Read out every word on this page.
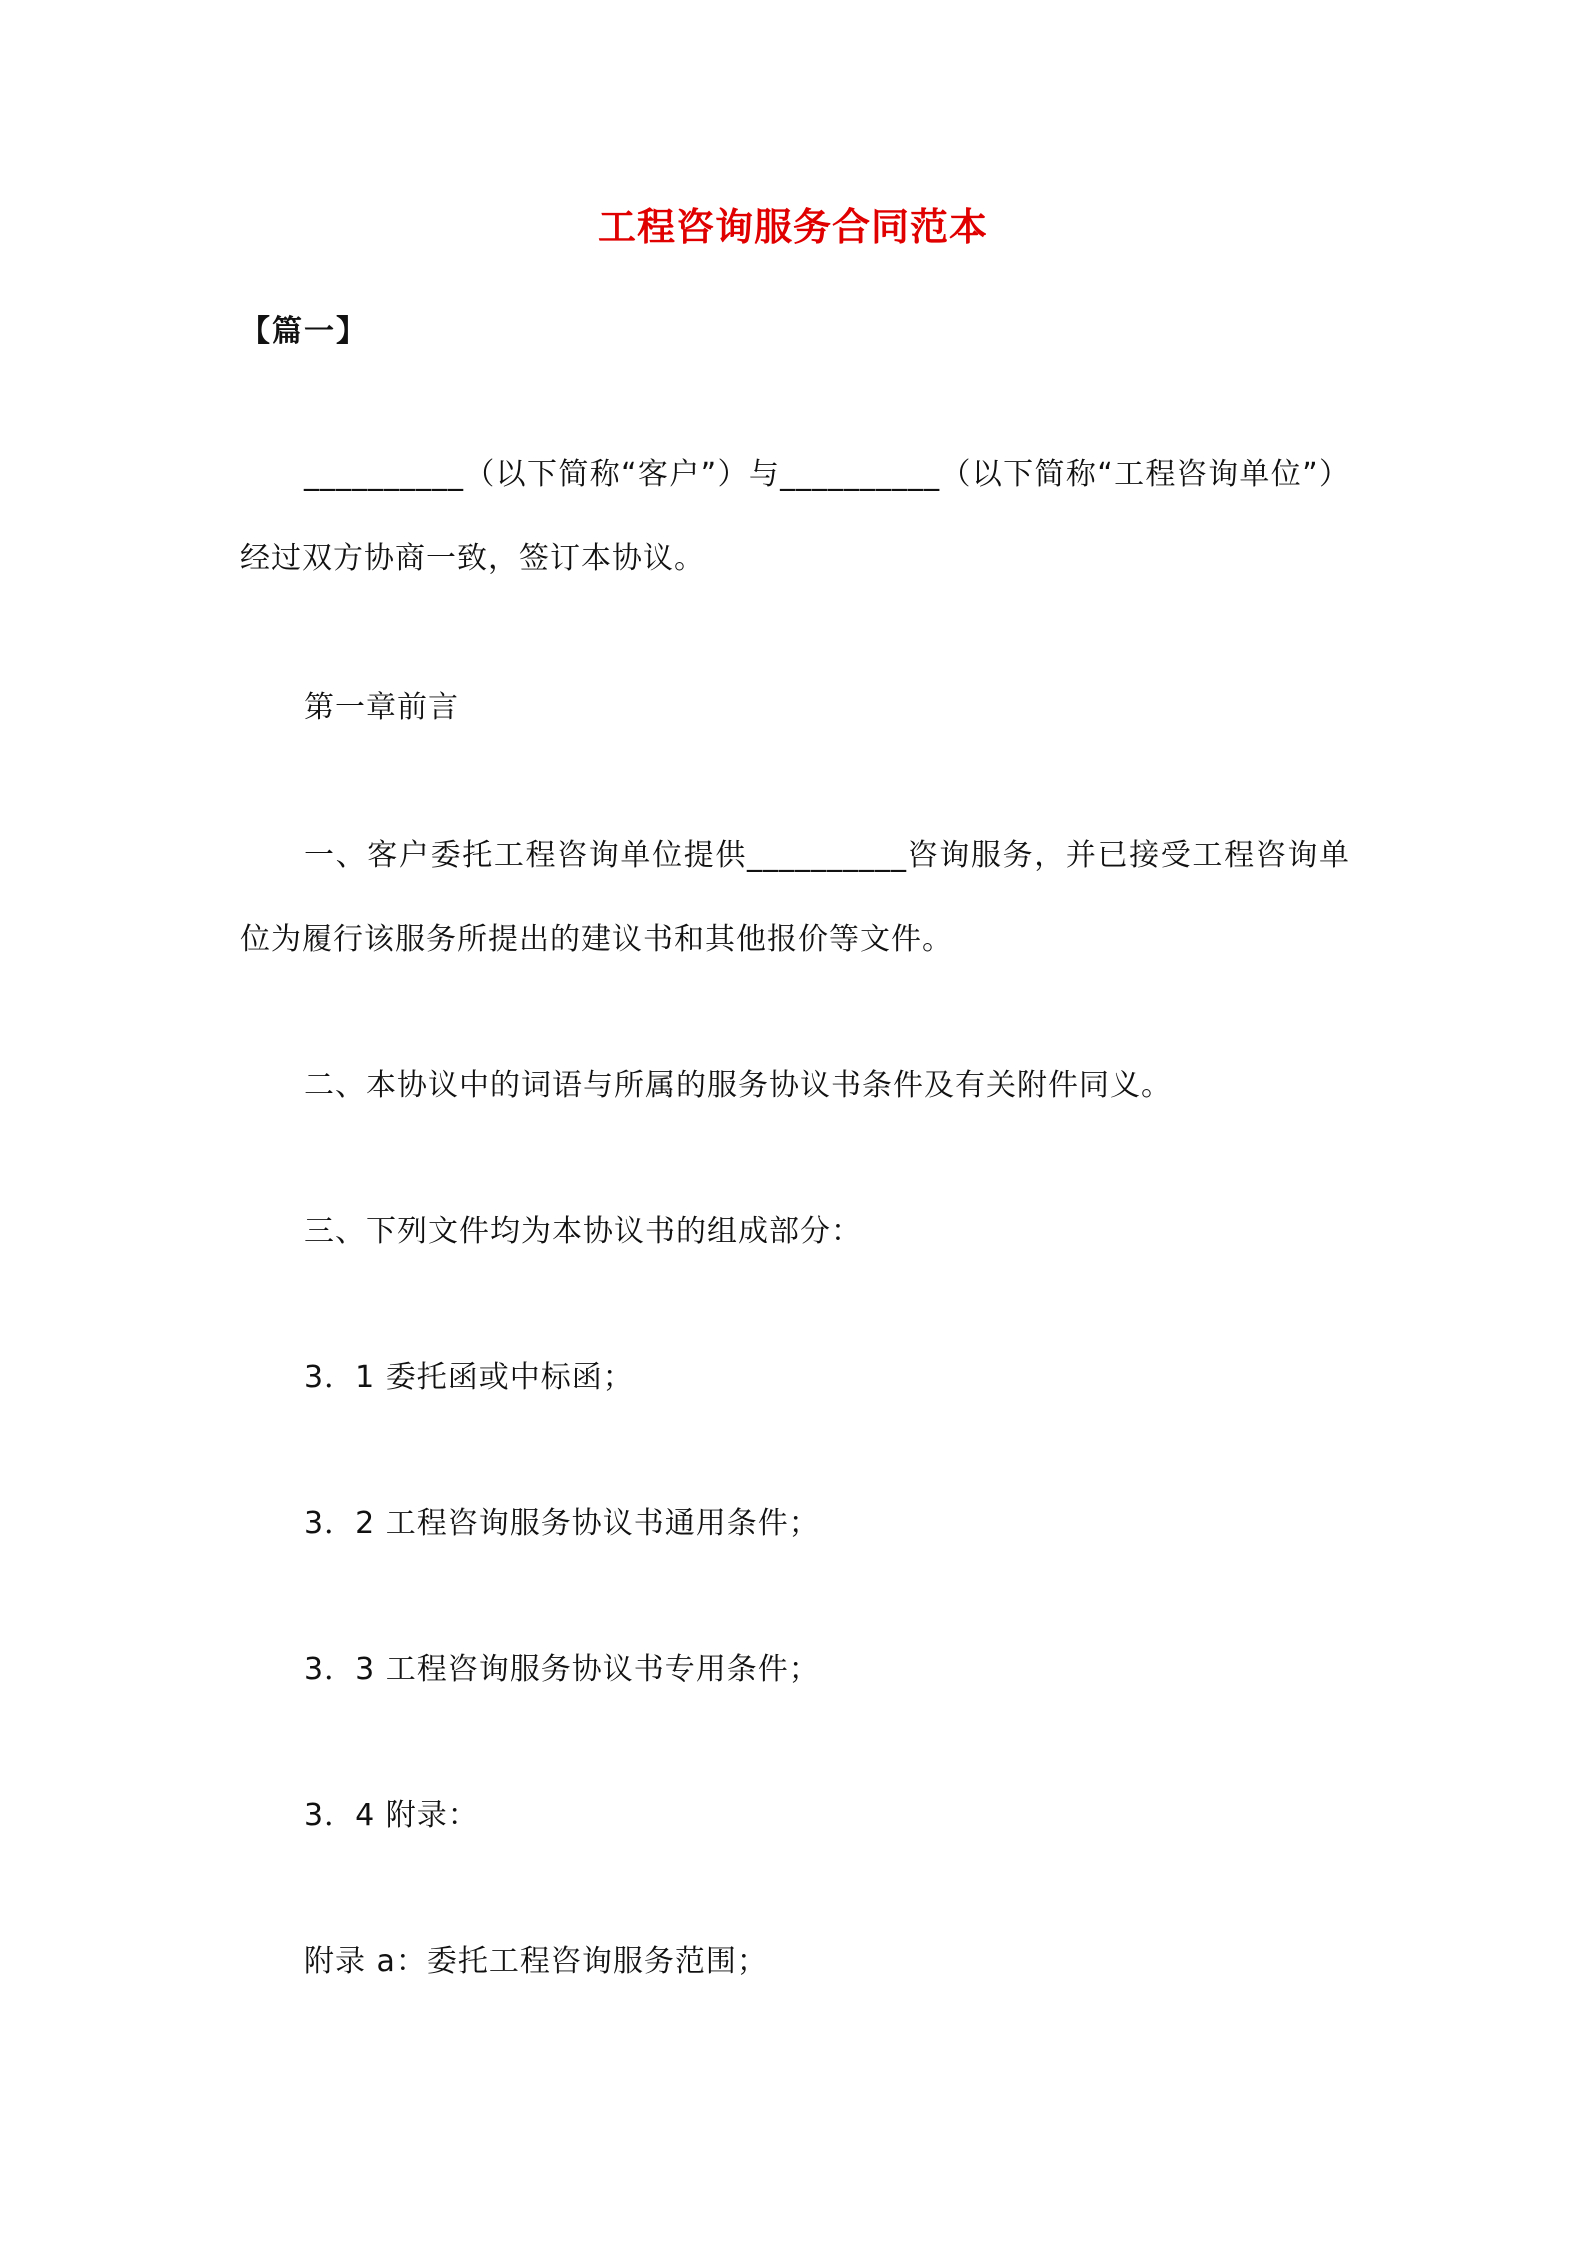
工程咨询服务合同范本
【篇一】

__________（以下简称“客户”）与__________（以下简称“工程咨询单位”）经过双方协商一致，签订本协议。

第一章前言

一、客户委托工程咨询单位提供__________咨询服务，并已接受工程咨询单位为履行该服务所提出的建议书和其他报价等文件。

二、本协议中的词语与所属的服务协议书条件及有关附件同义。

三、下列文件均为本协议书的组成部分：

3．1 委托函或中标函；

3．2 工程咨询服务协议书通用条件；

3．3 工程咨询服务协议书专用条件；

3．4 附录：

附录 a：委托工程咨询服务范围；
